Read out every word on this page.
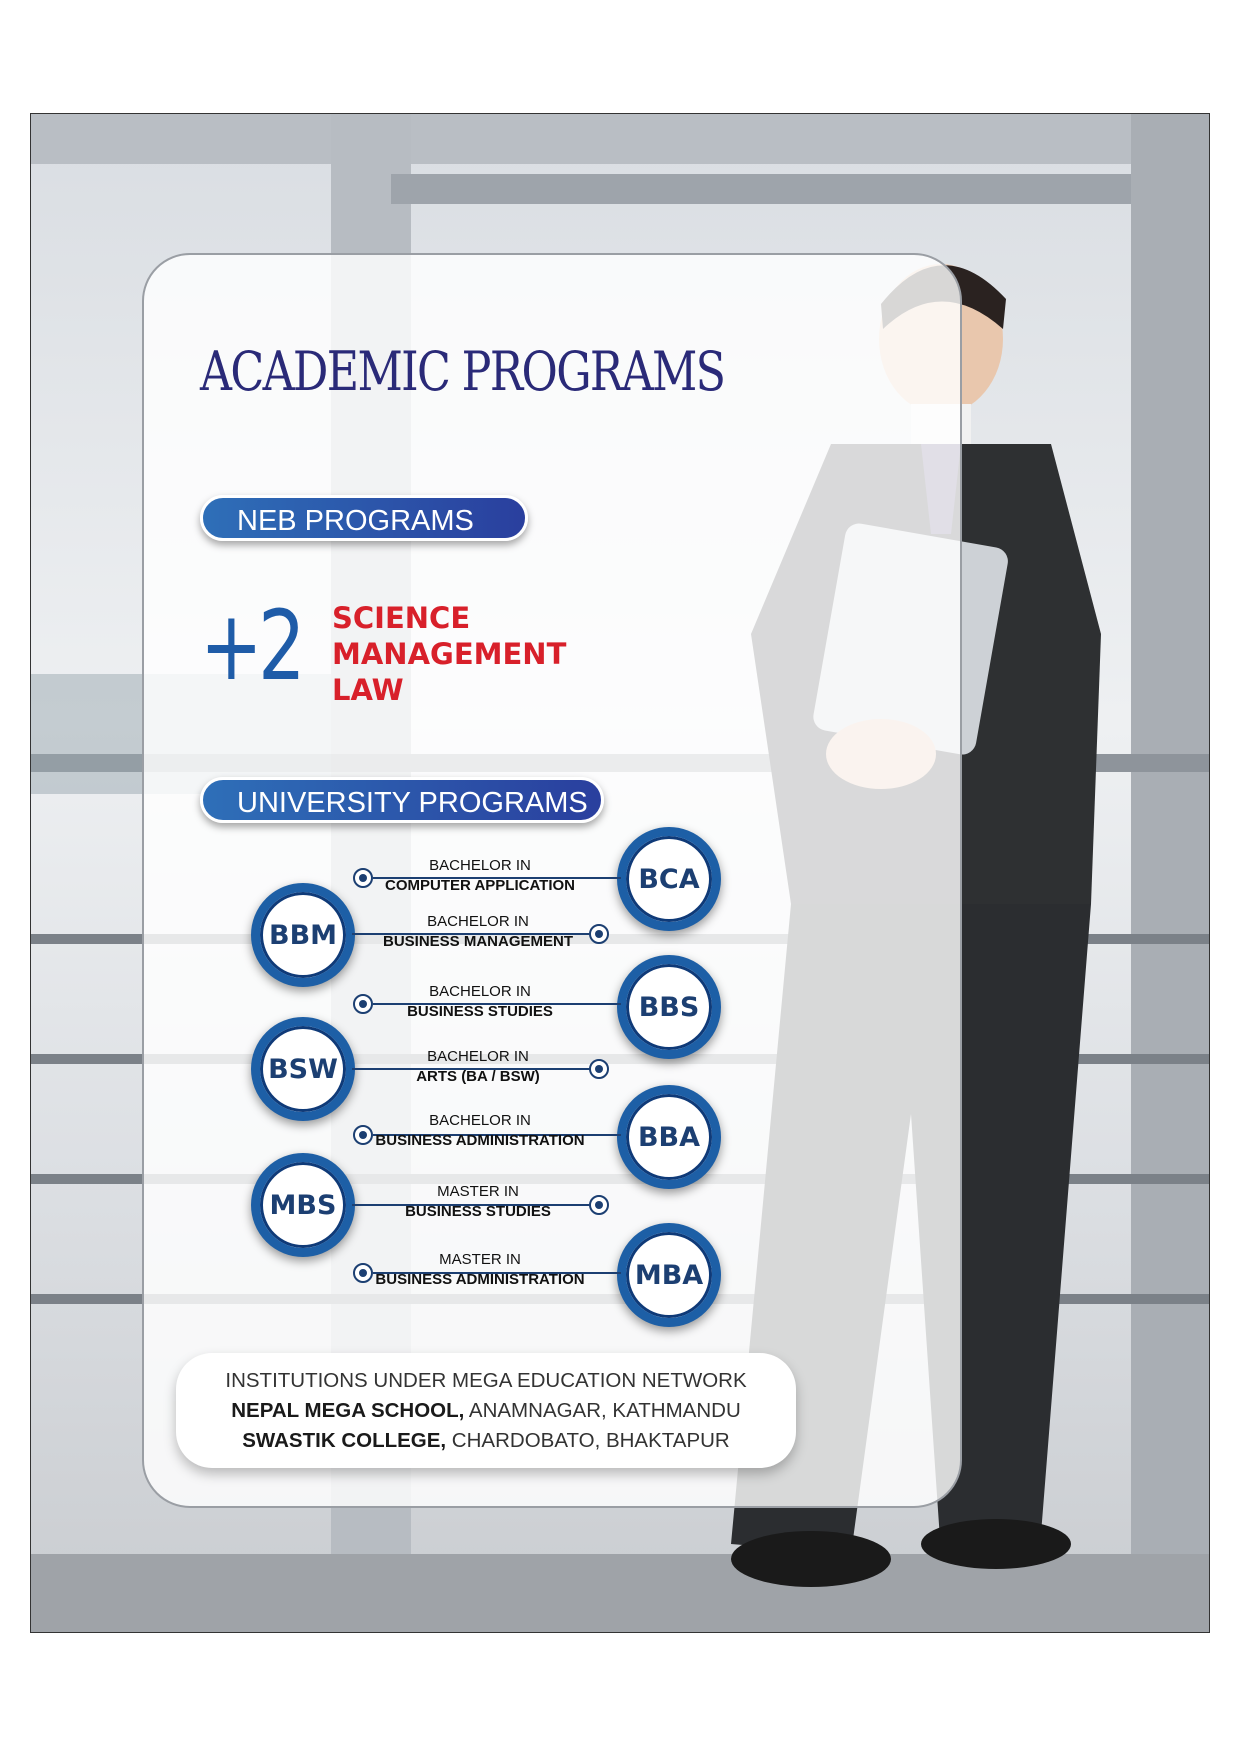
ACADEMIC PROGRAMS
NEB PROGRAMS
+2 SCIENCE
MANAGEMENT
LAW
UNIVERSITY PROGRAMS
BCA
BACHELOR IN
COMPUTER APPLICATION
BBM	BACHELOR IN
BUSINESS MANAGEMENT
BBS
BACHELOR IN
BUSINESS STUDIES
BSW	BACHELOR IN
ARTS (BA / BSW)
BBA
BACHELOR IN
BUSINESS ADMINISTRATION
MBS	MASTER IN
BUSINESS STUDIES
MBA
MASTER IN
BUSINESS ADMINISTRATION
INSTITUTIONS UNDER MEGA EDUCATION NETWORK
NEPAL MEGA SCHOOL, ANAMNAGAR, KATHMANDU
SWASTIK COLLEGE, CHARDOBATO, BHAKTAPUR
